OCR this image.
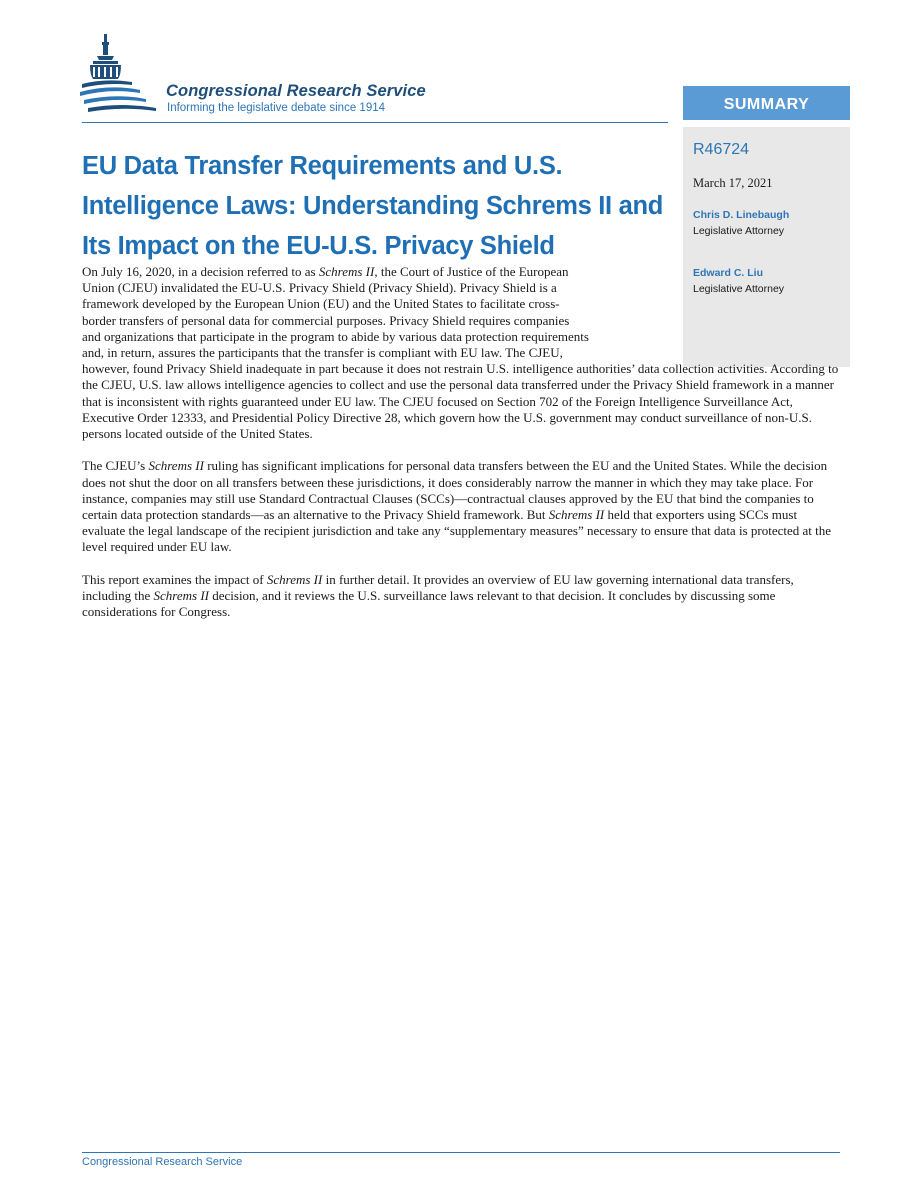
Congressional Research Service
Informing the legislative debate since 1914	SUMMARY
R46724
March 17, 2021
Chris D. Linebaugh
Legislative Attorney
Edward C. Liu
Legislative Attorney
EU Data Transfer Requirements and U.S. Intelligence Laws: Understanding Schrems II and Its Impact on the EU-U.S. Privacy Shield

On July 16, 2020, in a decision referred to as Schrems II, the Court of Justice of the European
Union (CJEU) invalidated the EU-U.S. Privacy Shield (Privacy Shield). Privacy Shield is a
framework developed by the European Union (EU) and the United States to facilitate cross-
border transfers of personal data for commercial purposes. Privacy Shield requires companies
and organizations that participate in the program to abide by various data protection requirements
and, in return, assures the participants that the transfer is compliant with EU law. The CJEU,
however, found Privacy Shield inadequate in part because it does not restrain U.S. intelligence authorities’ data collection activities. According to the CJEU, U.S. law allows intelligence agencies to collect and use the personal data transferred under the Privacy Shield framework in a manner that is inconsistent with rights guaranteed under EU law. The CJEU focused on Section 702 of the Foreign Intelligence Surveillance Act, Executive Order 12333, and Presidential Policy Directive 28, which govern how the U.S. government may conduct surveillance of non-U.S. persons located outside of the United States.

The CJEU’s Schrems II ruling has significant implications for personal data transfers between the EU and the United States. While the decision does not shut the door on all transfers between these jurisdictions, it does considerably narrow the manner in which they may take place. For instance, companies may still use Standard Contractual Clauses (SCCs)—contractual clauses approved by the EU that bind the companies to certain data protection standards—as an alternative to the Privacy Shield framework. But Schrems II held that exporters using SCCs must evaluate the legal landscape of the recipient jurisdiction and take any “supplementary measures” necessary to ensure that data is protected at the level required under EU law.

This report examines the impact of Schrems II in further detail. It provides an overview of EU law governing international data transfers, including the Schrems II decision, and it reviews the U.S. surveillance laws relevant to that decision. It concludes by discussing some considerations for Congress.

Congressional Research Service
